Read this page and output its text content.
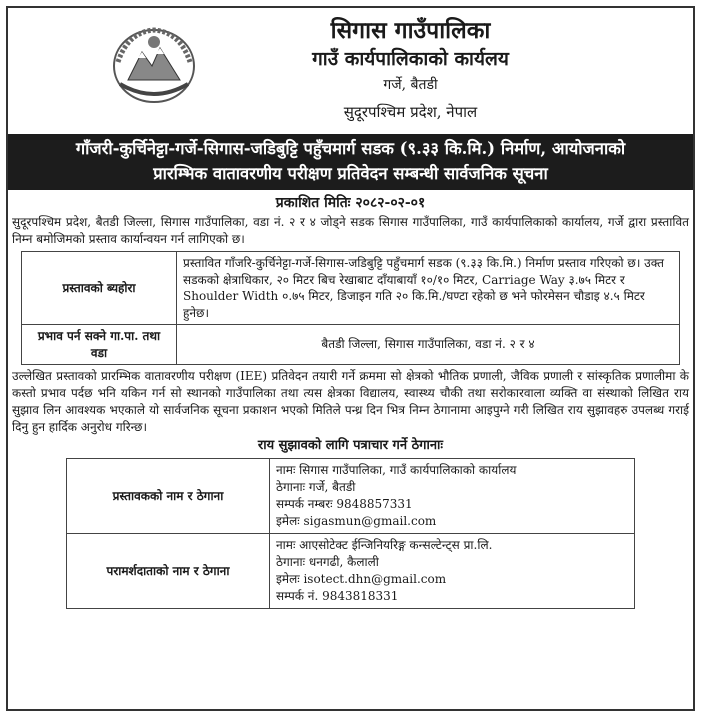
सिगास गाउँपालिका
गाउँ कार्यपालिकाको कार्यलय
गर्जे, बैतडी
सुदूरपश्चिम प्रदेश, नेपाल
गाँजरी-कुर्चिनेट्टा-गर्जे-सिगास-जडिबुट्टि पहुँचमार्ग सडक (९.३३ कि.मि.) निर्माण, आयोजनाको
प्रारम्भिक वातावरणीय परीक्षण प्रतिवेदन सम्बन्धी सार्वजनिक सूचना
प्रकाशित मितिः २०८२-०२-०१
सुदूरपश्चिम प्रदेश, बैतडी जिल्ला, सिगास गाउँपालिका, वडा नं. २ र ४ जोड्ने सडक सिगास गाउँपालिका, गाउँ कार्यपालिकाको कार्यालय, गर्जे द्वारा प्रस्तावित निम्न बमोजिमको प्रस्ताव कार्यान्वयन गर्न लागिएको छ।
प्रस्तावको ब्यहोरा	प्रस्तावित गाँजरि-कुर्चिनेट्टा-गर्जे-सिगास-जडिबुट्टि पहुँचमार्ग सडक (९.३३ कि.मि.) निर्माण प्रस्ताव गरिएको छ। उक्त सडकको क्षेत्राधिकार, २० मिटर बिच रेखाबाट दाँयाबायाँ १०/१० मिटर, Carriage Way ३.७५ मिटर र Shoulder Width ०.७५ मिटर, डिजाइन गति २० कि.मि./घण्टा रहेको छ भने फोरमेसन चौडाइ ४.५ मिटर हुनेछ।
प्रभाव पर्न सक्ने गा.पा. तथा वडा	बैतडी जिल्ला, सिगास गाउँपालिका, वडा नं. २ र ४
उल्लेखित प्रस्तावको प्रारम्भिक वातावरणीय परीक्षण (IEE) प्रतिवेदन तयारी गर्ने क्रममा सो क्षेत्रको भौतिक प्रणाली, जैविक प्रणाली र सांस्कृतिक प्रणालीमा के कस्तो प्रभाव पर्दछ भनि यकिन गर्न सो स्थानको गाउँपालिका तथा त्यस क्षेत्रका विद्यालय, स्वास्थ्य चौकी तथा सरोकारवाला व्यक्ति वा संस्थाको लिखित राय सुझाव लिन आवश्यक भएकाले यो सार्वजनिक सूचना प्रकाशन भएको मितिले पन्ध्र दिन भित्र निम्न ठेगानामा आइपुग्ने गरी लिखित राय सुझावहरु उपलब्ध गराई दिनु हुन हार्दिक अनुरोध गरिन्छ।
राय सुझावको लागि पत्राचार गर्ने ठेगानाः
प्रस्तावकको नाम र ठेगाना	नामः सिगास गाउँपालिका, गाउँ कार्यपालिकाको कार्यालय
ठेगानाः गर्जे, बैतडी
सम्पर्क नम्बरः 9848857331
इमेलः sigasmun@gmail.com

परामर्शदाताको नाम र ठेगाना	नामः आएसोटेक्ट ईन्जिनियरिङ्ग कन्सल्टेन्ट्स प्रा.लि.
ठेगानाः धनगढी, कैलाली
इमेलः isotect.dhn@gmail.com
सम्पर्क नं. 9843818331
